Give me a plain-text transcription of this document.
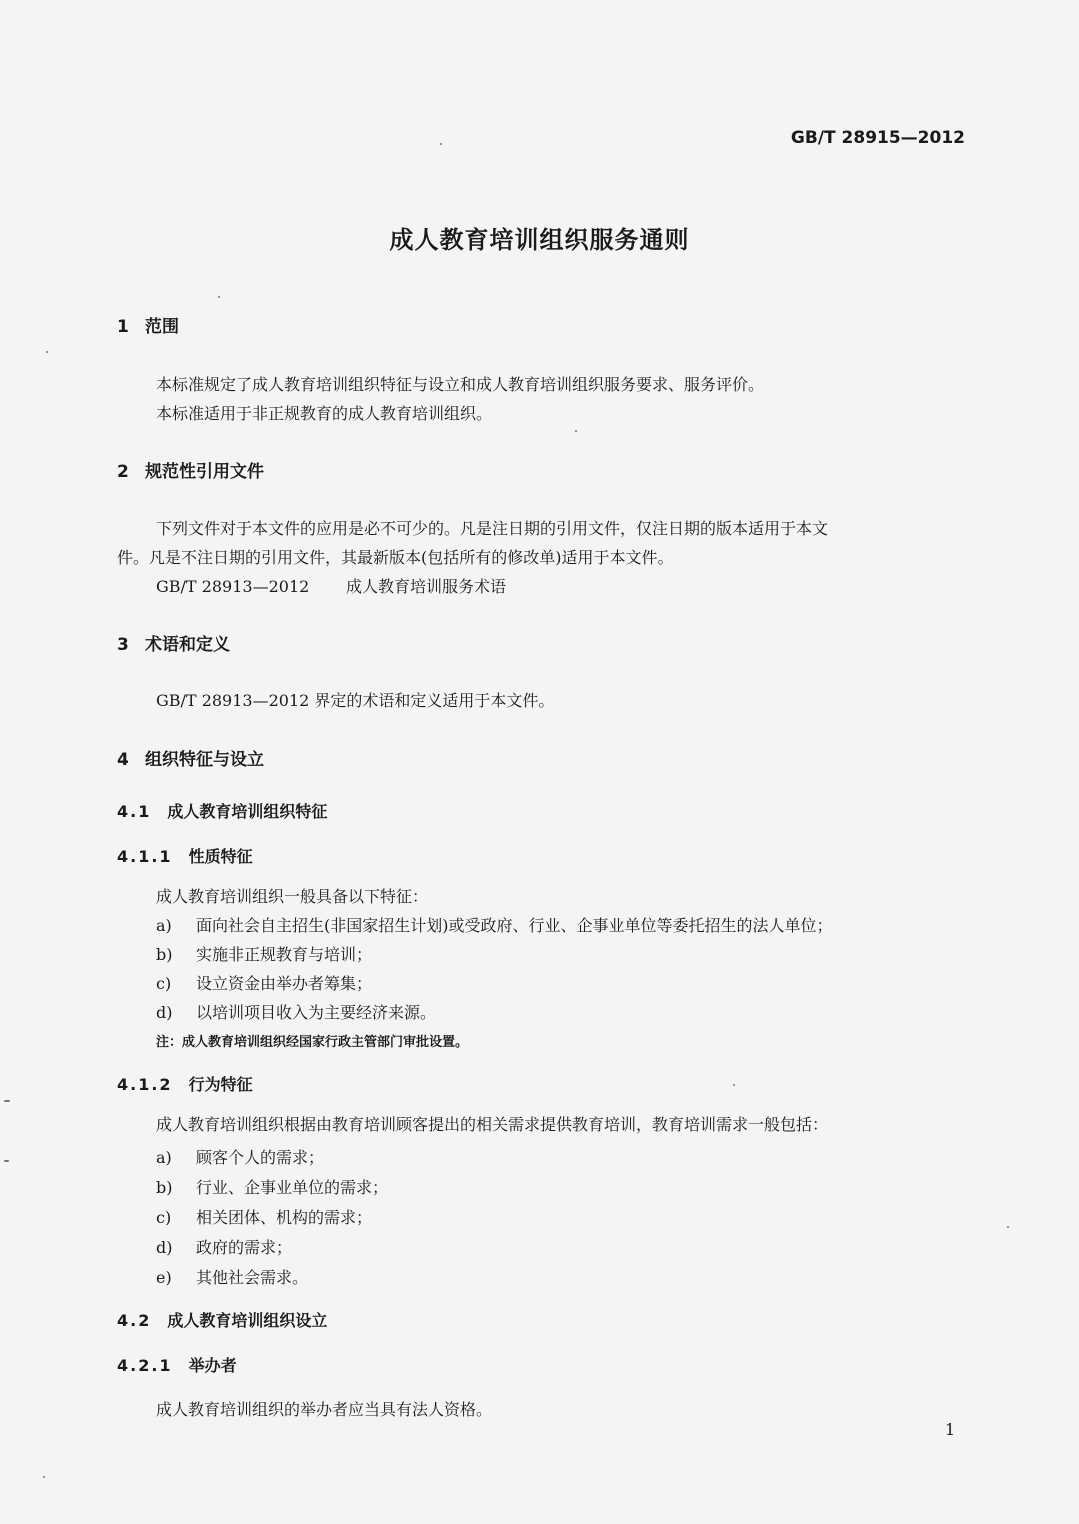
GB/T 28915—2012
成人教育培训组织服务通则
1 范围
本标准规定了成人教育培训组织特征与设立和成人教育培训组织服务要求、服务评价。
本标准适用于非正规教育的成人教育培训组织。
2 规范性引用文件
下列文件对于本文件的应用是必不可少的。凡是注日期的引用文件，仅注日期的版本适用于本文
件。凡是不注日期的引用文件，其最新版本(包括所有的修改单)适用于本文件。
GB/T 28913—2012 成人教育培训服务术语
3 术语和定义
GB/T 28913—2012 界定的术语和定义适用于本文件。
4 组织特征与设立
4.1 成人教育培训组织特征
4.1.1 性质特征
成人教育培训组织一般具备以下特征：
a) 面向社会自主招生(非国家招生计划)或受政府、行业、企事业单位等委托招生的法人单位；
b) 实施非正规教育与培训；
c) 设立资金由举办者筹集；
d) 以培训项目收入为主要经济来源。
注：成人教育培训组织经国家行政主管部门审批设置。
4.1.2 行为特征
成人教育培训组织根据由教育培训顾客提出的相关需求提供教育培训，教育培训需求一般包括：
a) 顾客个人的需求；
b) 行业、企事业单位的需求；
c) 相关团体、机构的需求；
d) 政府的需求；
e) 其他社会需求。
4.2 成人教育培训组织设立
4.2.1 举办者
成人教育培训组织的举办者应当具有法人资格。
1
